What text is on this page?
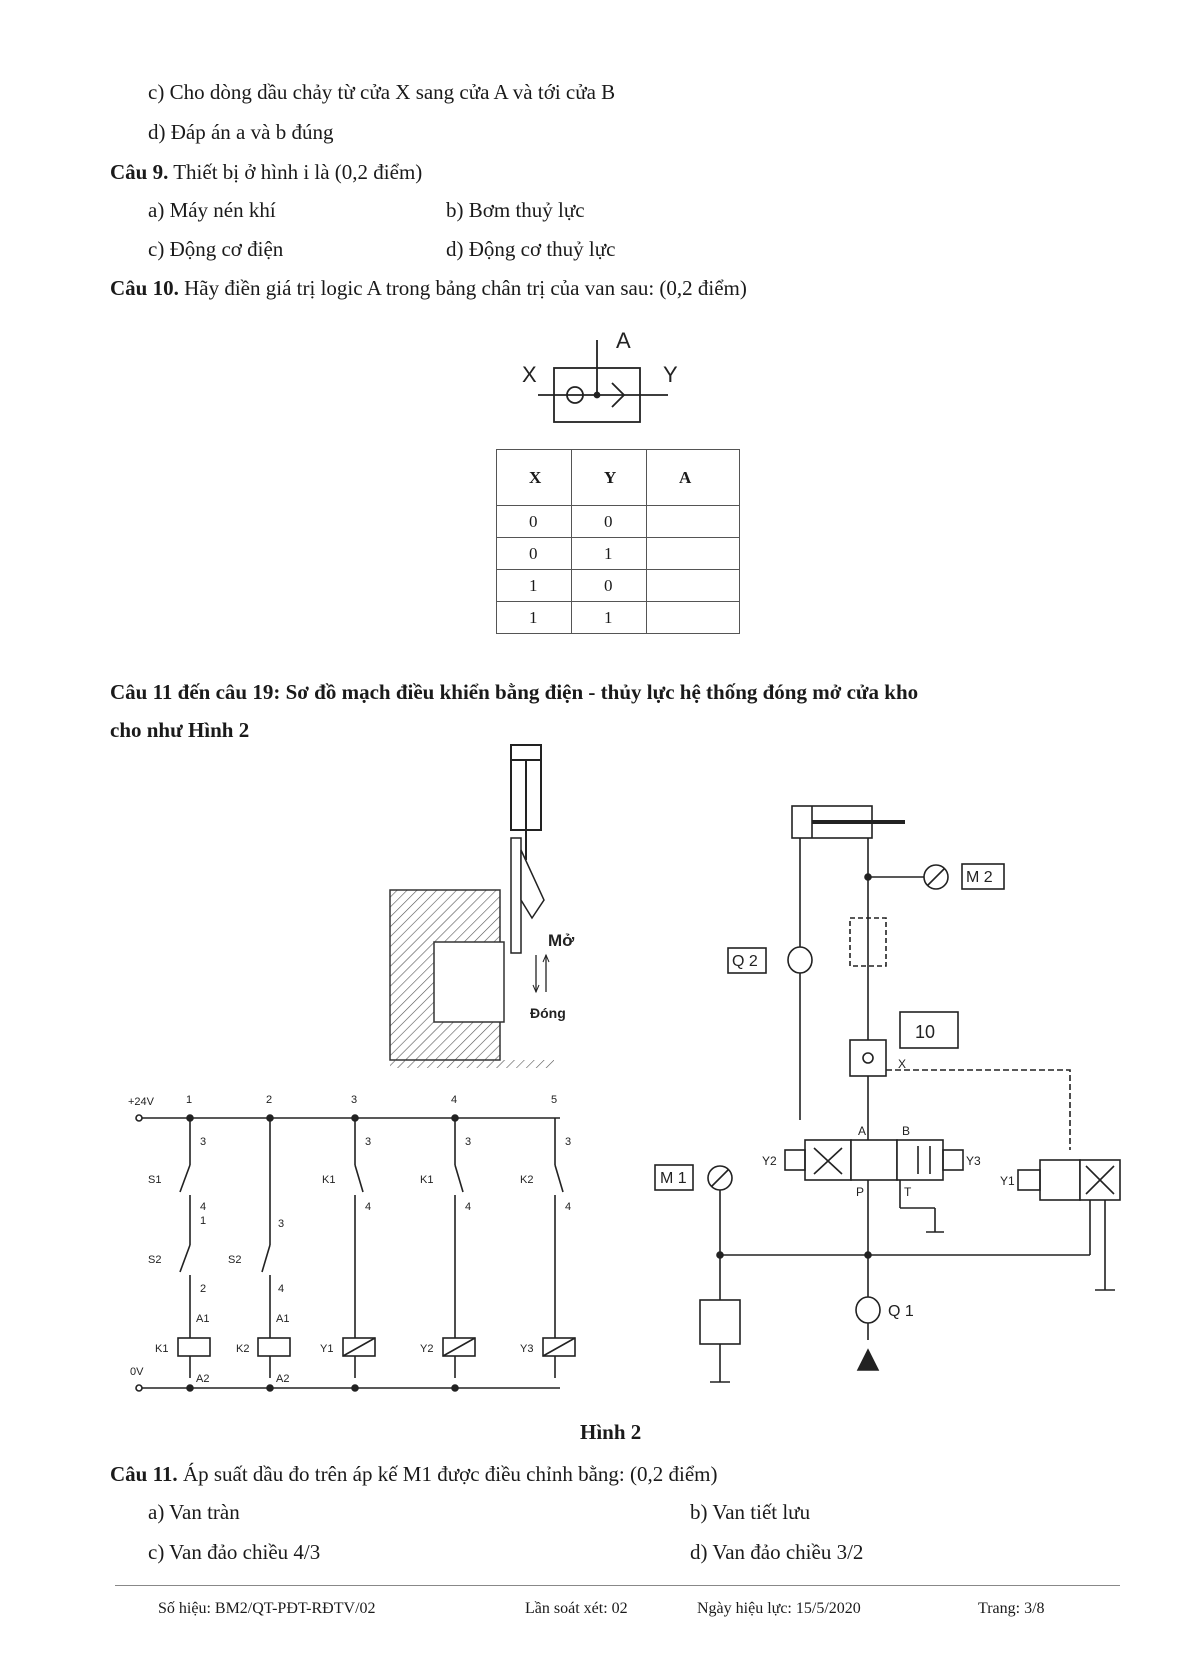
c) Cho dòng dầu chảy từ cửa X sang cửa A và tới cửa B
d) Đáp án a và b đúng
Câu 9. Thiết bị ở hình i là (0,2 điểm)
a) Máy nén khí	b) Bơm thuỷ lực
c) Động cơ điện	d) Động cơ thuỷ lực
Câu 10. Hãy điền giá trị logic A trong bảng chân trị của van sau: (0,2 điểm)
X	Y	A
0	0	
0	1	
1	0	
1	1	
Câu 11 đến câu 19: Sơ đồ mạch điều khiển bằng điện - thủy lực hệ thống đóng mở cửa kho
cho như Hình 2
X	Y
A
Mở
Đóng
+24V
0V
1	2	3	4	5
S1
S2	S2
K1	K1	K2
K1	K2	Y1	Y2	Y3
3	3	3	3
3
4	4	4	4
4
1
2
A1	A1
A2	A2
M 1
M 2
Q 1
Q 2
10
Y1
Y2	Y3
A	B
P	T
X
Hình 2
Câu 11. Áp suất dầu đo trên áp kế M1 được điều chỉnh bằng: (0,2 điểm)
a) Van tràn	b) Van tiết lưu
c) Van đảo chiều 4/3	d) Van đảo chiều 3/2
Số hiệu: BM2/QT-PĐT-RĐTV/02	Lần soát xét: 02	Ngày hiệu lực: 15/5/2020	Trang: 3/8
